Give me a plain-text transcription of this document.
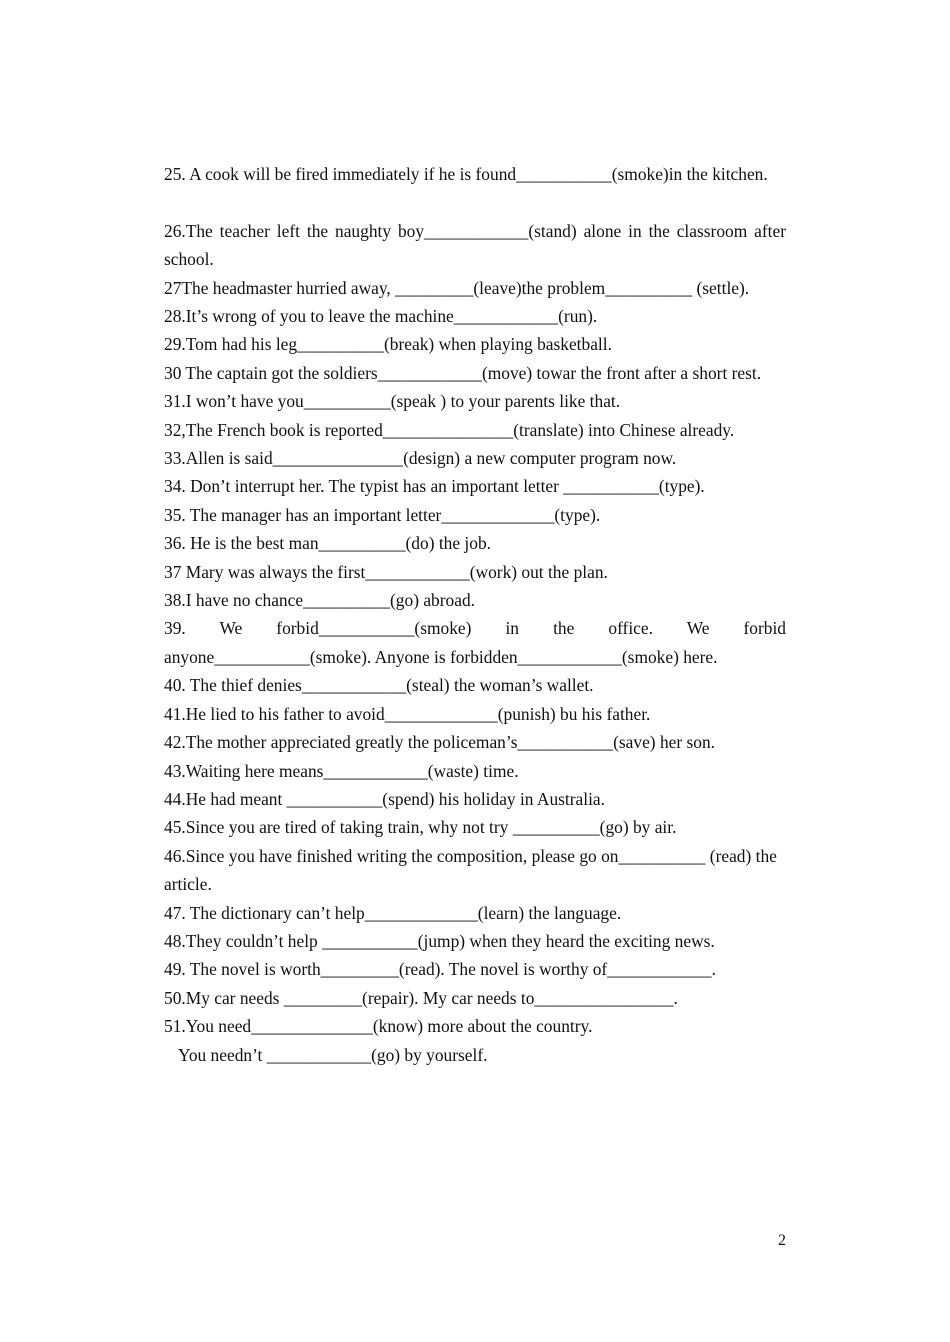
25. A cook will be fired immediately if he is found___________(smoke)in the kitchen.

26.The teacher left the naughty boy____________(stand) alone in the classroom after school.

27The headmaster hurried away, _________(leave)the problem__________ (settle).

28.It’s wrong of you to leave the machine____________(run).

29.Tom had his leg__________(break) when playing basketball.

30 The captain got the soldiers____________(move) towar the front after a short rest.

31.I won’t have you__________(speak ) to your parents like that.

32,The French book is reported_______________(translate) into Chinese already.

33.Allen is said_______________(design) a new computer program now.

34. Don’t interrupt her. The typist has an important letter ___________(type).

35. The manager has an important letter_____________(type).

36. He is the best man__________(do) the job.

37 Mary was always the first____________(work) out the plan.

38.I have no chance__________(go) abroad.

39. We forbid___________(smoke) in the office. We forbid anyone___________(smoke). Anyone is forbidden____________(smoke) here.

40. The thief denies____________(steal) the woman’s wallet.

41.He lied to his father to avoid_____________(punish) bu his father.

42.The mother appreciated greatly the policeman’s___________(save) her son.

43.Waiting here means____________(waste) time.

44.He had meant ___________(spend) his holiday in Australia.

45.Since you are tired of taking train, why not try __________(go) by air.

46.Since you have finished writing the composition, please go on__________ (read) the article.

47. The dictionary can’t help_____________(learn) the language.

48.They couldn’t help ___________(jump) when they heard the exciting news.

49. The novel is worth_________(read). The novel is worthy of____________.

50.My car needs _________(repair). My car needs to________________.

51.You need______________(know) more about the country.

You needn’t ____________(go) by yourself.

2
